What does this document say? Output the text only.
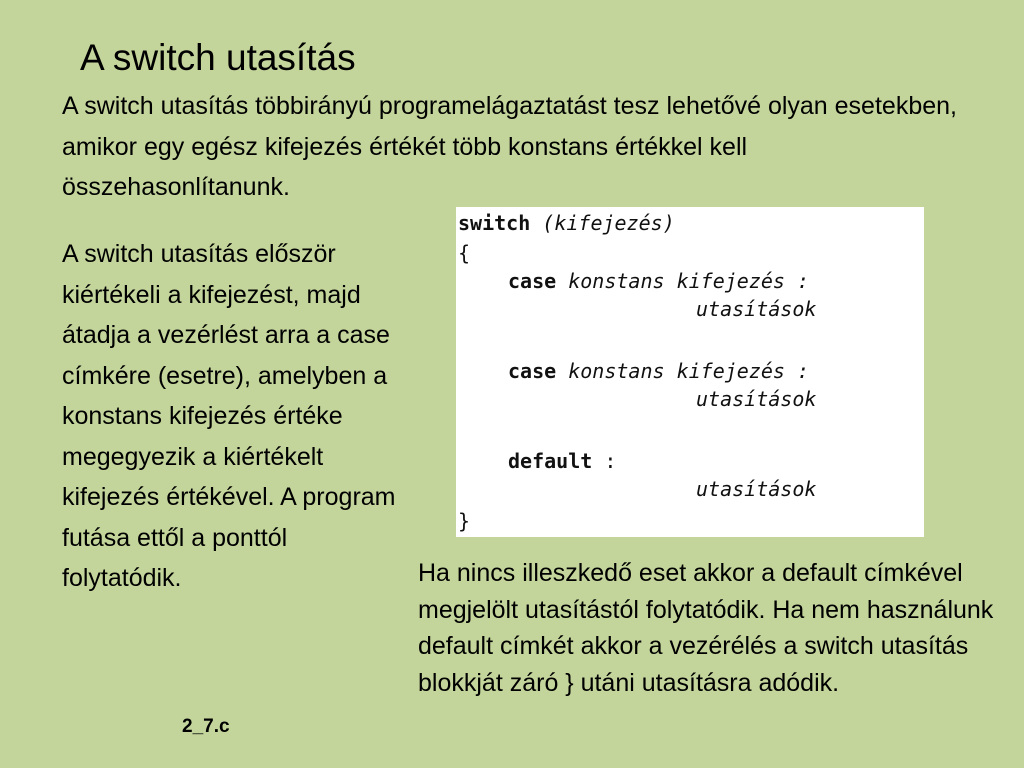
A switch utasítás
A switch utasítás többirányú programelágaztatást tesz lehetővé olyan esetekben, amikor egy egész kifejezés értékét több konstans értékkel kell összehasonlítanunk.
A switch utasítás először kiértékeli a kifejezést, majd átadja a vezérlést arra a case címkére (esetre), amelyben a konstans kifejezés értéke megegyezik a kiértékelt kifejezés értékével. A program futása ettől a ponttól folytatódik.
switch (kifejezés)
{
case konstans kifejezés :
utasítások
case konstans kifejezés :
utasítások
default :
utasítások
}
Ha nincs illeszkedő eset akkor a default címkével megjelölt utasítástól folytatódik. Ha nem használunk default címkét akkor a vezérélés a switch utasítás blokkját záró } utáni utasításra adódik.
2_7.c
